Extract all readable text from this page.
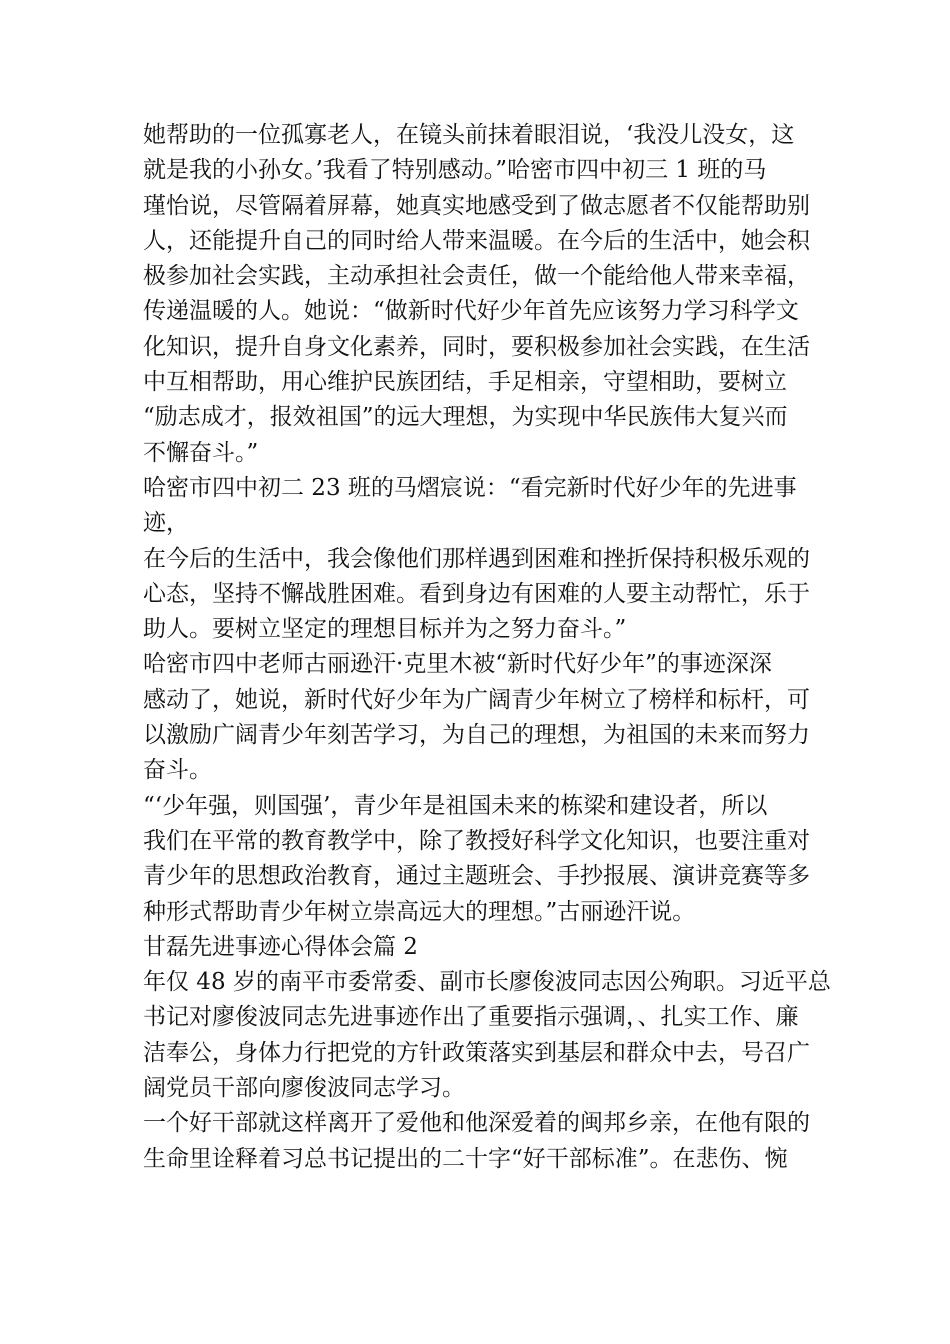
她帮助的一位孤寡老人，在镜头前抹着眼泪说，‘我没儿没女，这
就是我的小孙女。’我看了特别感动。”哈密市四中初三 1 班的马
瑾怡说，尽管隔着屏幕，她真实地感受到了做志愿者不仅能帮助别
人，还能提升自己的同时给人带来温暖。在今后的生活中，她会积
极参加社会实践，主动承担社会责任，做一个能给他人带来幸福，
传递温暖的人。她说：“做新时代好少年首先应该努力学习科学文
化知识，提升自身文化素养，同时，要积极参加社会实践，在生活
中互相帮助，用心维护民族团结，手足相亲，守望相助，要树立
“励志成才，报效祖国”的远大理想，为实现中华民族伟大复兴而
不懈奋斗。”

哈密市四中初二 23 班的马熠宸说：“看完新时代好少年的先进事迹，
在今后的生活中，我会像他们那样遇到困难和挫折保持积极乐观的
心态，坚持不懈战胜困难。看到身边有困难的人要主动帮忙，乐于
助人。要树立坚定的理想目标并为之努力奋斗。”

哈密市四中老师古丽逊汗·克里木被“新时代好少年”的事迹深深
感动了，她说，新时代好少年为广阔青少年树立了榜样和标杆，可
以激励广阔青少年刻苦学习，为自己的理想，为祖国的未来而努力
奋斗。

“‘少年强，则国强’，青少年是祖国未来的栋梁和建设者，所以
我们在平常的教育教学中，除了教授好科学文化知识，也要注重对
青少年的思想政治教育，通过主题班会、手抄报展、演讲竞赛等多
种形式帮助青少年树立崇高远大的理想。”古丽逊汗说。

甘磊先进事迹心得体会篇 2

年仅 48 岁的南平市委常委、副市长廖俊波同志因公殉职。习近平总
书记对廖俊波同志先进事迹作出了重要指示强调，、扎实工作、廉
洁奉公，身体力行把党的方针政策落实到基层和群众中去，号召广
阔党员干部向廖俊波同志学习。

一个好干部就这样离开了爱他和他深爱着的闽邦乡亲，在他有限的
生命里诠释着习总书记提出的二十字“好干部标准”。在悲伤、惋
